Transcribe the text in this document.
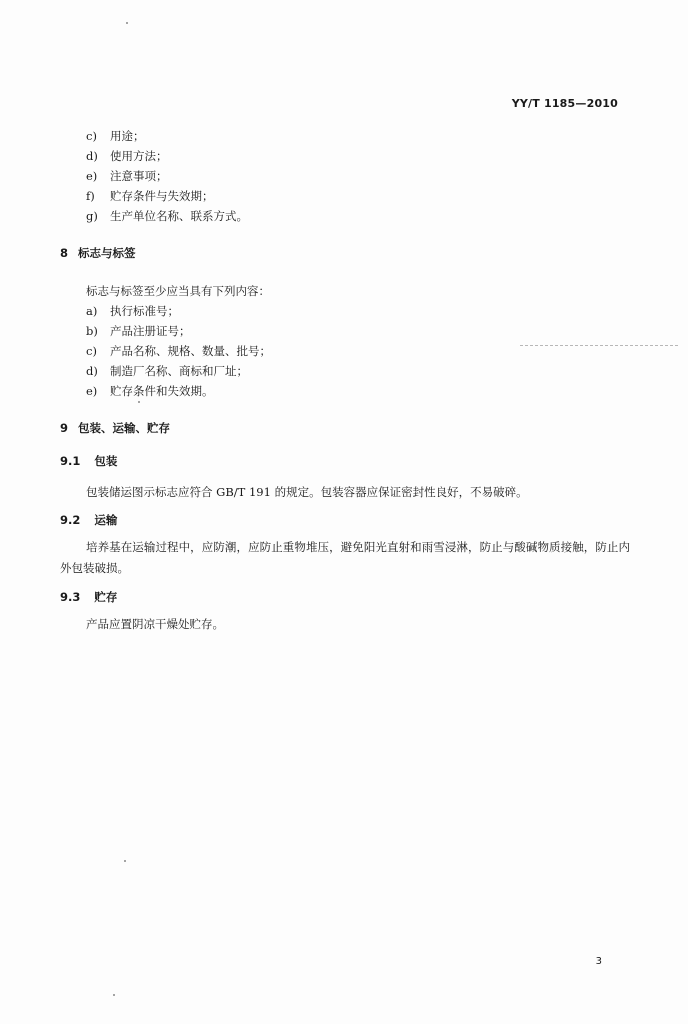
YY/T 1185—2010
c) 用途；
d) 使用方法；
e) 注意事项；
f) 贮存条件与失效期；
g) 生产单位名称、联系方式。
8 标志与标签
标志与标签至少应当具有下列内容：
a) 执行标准号；
b) 产品注册证号；
c) 产品名称、规格、数量、批号；
d) 制造厂名称、商标和厂址；
e) 贮存条件和失效期。
9 包装、运输、贮存
9.1 包装
包装储运图示标志应符合 GB/T 191 的规定。包装容器应保证密封性良好，不易破碎。
9.2 运输
培养基在运输过程中，应防潮，应防止重物堆压，避免阳光直射和雨雪浸淋，防止与酸碱物质接触，防止内外包装破损。
9.3 贮存
产品应置阴凉干燥处贮存。
3
